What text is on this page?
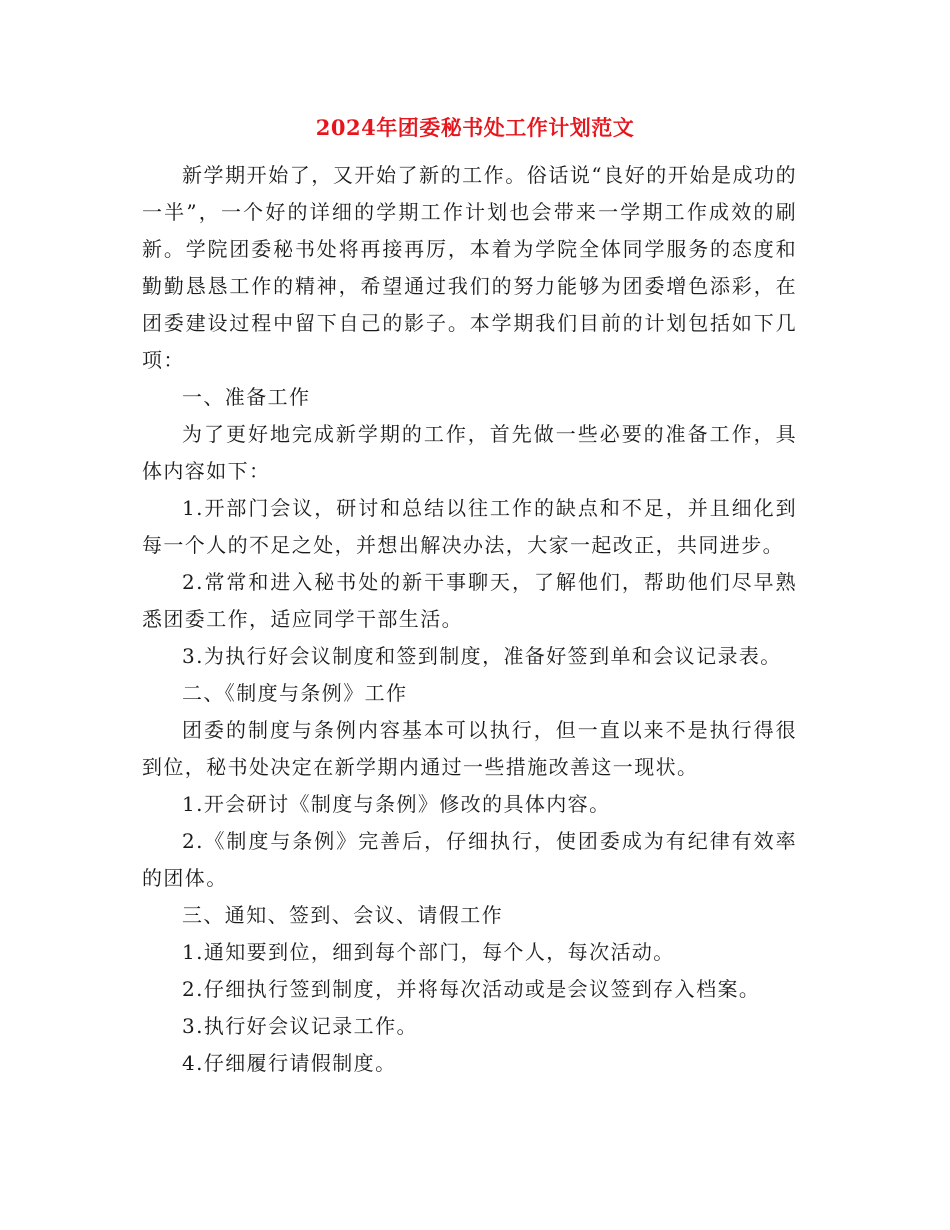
2024年团委秘书处工作计划范文

新学期开始了，又开始了新的工作。俗话说“良好的开始是成功的一半”，一个好的详细的学期工作计划也会带来一学期工作成效的刷新。学院团委秘书处将再接再厉，本着为学院全体同学服务的态度和勤勤恳恳工作的精神，希望通过我们的努力能够为团委增色添彩，在团委建设过程中留下自己的影子。本学期我们目前的计划包括如下几项：

一、准备工作

为了更好地完成新学期的工作，首先做一些必要的准备工作，具体内容如下：

1.开部门会议，研讨和总结以往工作的缺点和不足，并且细化到每一个人的不足之处，并想出解决办法，大家一起改正，共同进步。

2.常常和进入秘书处的新干事聊天，了解他们，帮助他们尽早熟悉团委工作，适应同学干部生活。

3.为执行好会议制度和签到制度，准备好签到单和会议记录表。

二、《制度与条例》工作

团委的制度与条例内容基本可以执行，但一直以来不是执行得很到位，秘书处决定在新学期内通过一些措施改善这一现状。

1.开会研讨《制度与条例》修改的具体内容。

2.《制度与条例》完善后，仔细执行，使团委成为有纪律有效率的团体。

三、通知、签到、会议、请假工作

1.通知要到位，细到每个部门，每个人，每次活动。

2.仔细执行签到制度，并将每次活动或是会议签到存入档案。

3.执行好会议记录工作。

4.仔细履行请假制度。
